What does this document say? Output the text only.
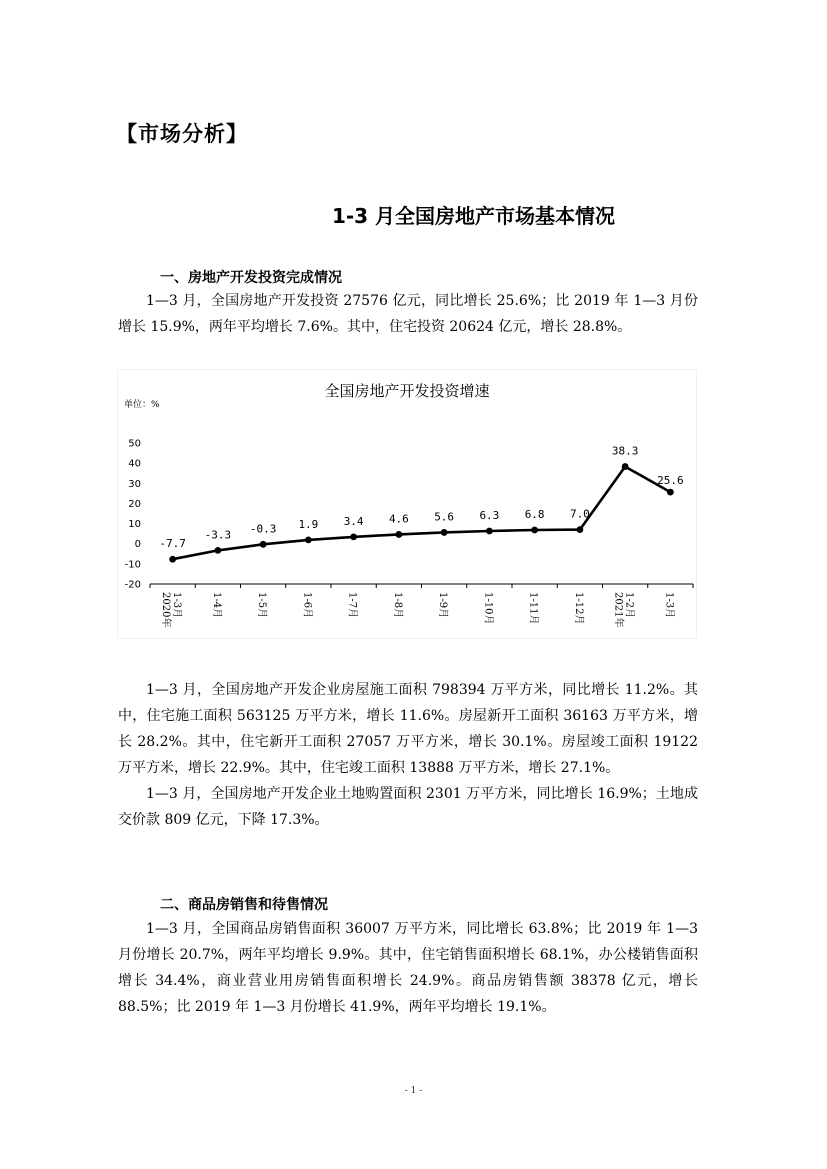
【市场分析】
1-3 月全国房地产市场基本情况
一、房地产开发投资完成情况

1—3 月，全国房地产开发投资 27576 亿元，同比增长 25.6%；比 2019 年 1—3 月份增长 15.9%，两年平均增长 7.6%。其中，住宅投资 20624 亿元，增长 28.8%。

全国房地产开发投资增速
单位：%
50
40
30
20
10
0
-10
-20
-7.7
-3.3 -0.3 1.9 3.4 4.6 5.6 6.3 6.8 7.0
38.3
25.6
2020年 1-3月	1-4月	1-5月	1-6月	1-7月	1-8月	1-9月	1-10月	1-11月	1-12月	2021年 1-2月	1-3月

1—3 月，全国房地产开发企业房屋施工面积 798394 万平方米，同比增长 11.2%。其中，住宅施工面积 563125 万平方米，增长 11.6%。房屋新开工面积 36163 万平方米，增长 28.2%。其中，住宅新开工面积 27057 万平方米，增长 30.1%。房屋竣工面积 19122 万平方米，增长 22.9%。其中，住宅竣工面积 13888 万平方米，增长 27.1%。

1—3 月，全国房地产开发企业土地购置面积 2301 万平方米，同比增长 16.9%；土地成交价款 809 亿元，下降 17.3%。

二、商品房销售和待售情况

1—3 月，全国商品房销售面积 36007 万平方米，同比增长 63.8%；比 2019 年 1—3 月份增长 20.7%，两年平均增长 9.9%。其中，住宅销售面积增长 68.1%，办公楼销售面积增长 34.4%，商业营业用房销售面积增长 24.9%。商品房销售额 38378 亿元，增长 88.5%；比 2019 年 1—3 月份增长 41.9%，两年平均增长 19.1%。

- 1 -
